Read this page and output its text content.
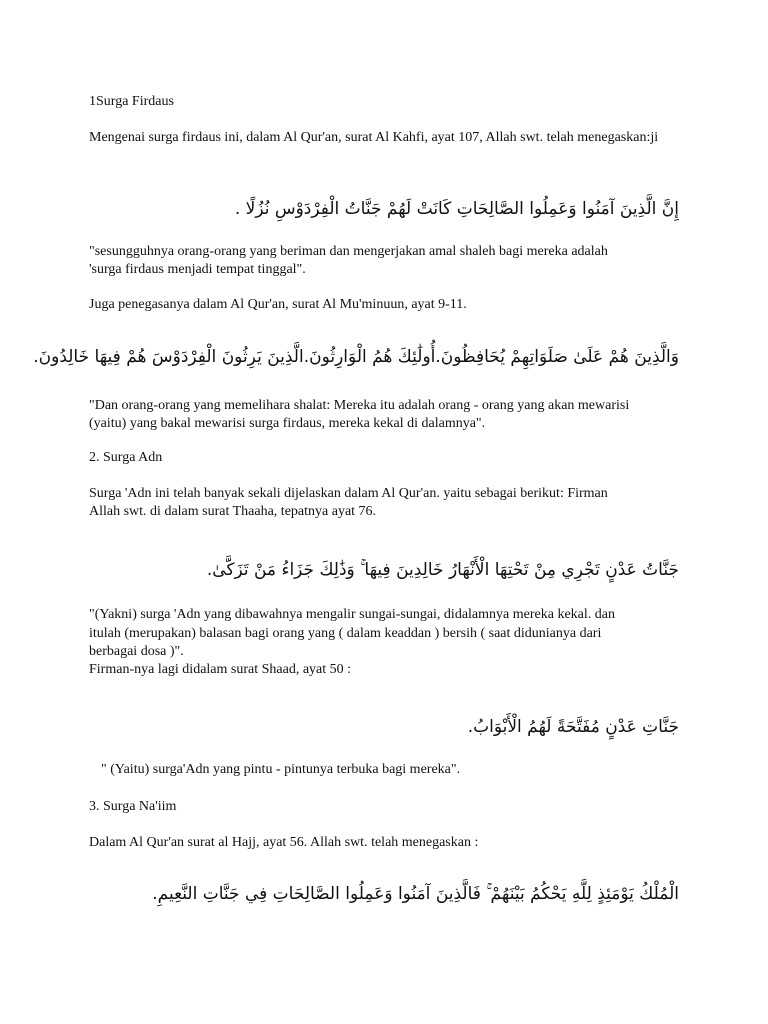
1Surga Firdaus
Mengenai surga firdaus ini, dalam Al Qur'an, surat Al Kahfi, ayat 107, Allah swt. telah menegaskan:ji
إِنَّ الَّذِينَ آمَنُوا وَعَمِلُوا الصَّالِحَاتِ كَانَتْ لَهُمْ جَنَّاتُ الْفِرْدَوْسِ نُزُلًا .
"sesungguhnya orang-orang yang beriman dan mengerjakan amal shaleh bagi mereka adalah
'surga firdaus menjadi tempat tinggal".
Juga penegasanya dalam Al Qur'an, surat Al Mu'minuun, ayat 9-11.
وَالَّذِينَ هُمْ عَلَىٰ صَلَوَاتِهِمْ يُحَافِظُونَ.أُولَٰئِكَ هُمُ الْوَارِثُونَ.الَّذِينَ يَرِثُونَ الْفِرْدَوْسَ هُمْ فِيهَا خَالِدُونَ.
"Dan orang-orang yang memelihara shalat: Mereka itu adalah orang - orang yang akan mewarisi
(yaitu) yang bakal mewarisi surga firdaus, mereka kekal di dalamnya".
2. Surga Adn
Surga 'Adn ini telah banyak sekali dijelaskan dalam Al Qur'an. yaitu sebagai berikut: Firman
Allah swt. di dalam surat Thaaha, tepatnya ayat 76.
جَنَّاتُ عَدْنٍ تَجْرِي مِنْ تَحْتِهَا الْأَنْهَارُ خَالِدِينَ فِيهَا ۚ وَذَٰلِكَ جَزَاءُ مَنْ تَزَكَّىٰ.
"(Yakni) surga 'Adn yang dibawahnya mengalir sungai-sungai, didalamnya mereka kekal. dan
itulah (merupakan) balasan bagi orang yang ( dalam keaddan ) bersih ( saat didunianya dari
berbagai dosa )".
Firman-nya lagi didalam surat Shaad, ayat 50 :
جَنَّاتِ عَدْنٍ مُفَتَّحَةً لَهُمُ الْأَبْوَابُ.
" (Yaitu) surga'Adn yang pintu - pintunya terbuka bagi mereka".
3. Surga Na'iim
Dalam Al Qur'an surat al Hajj, ayat 56. Allah swt. telah menegaskan :
الْمُلْكُ يَوْمَئِذٍ لِلَّهِ يَحْكُمُ بَيْنَهُمْ ۚ فَالَّذِينَ آمَنُوا وَعَمِلُوا الصَّالِحَاتِ فِي جَنَّاتِ النَّعِيمِ.
